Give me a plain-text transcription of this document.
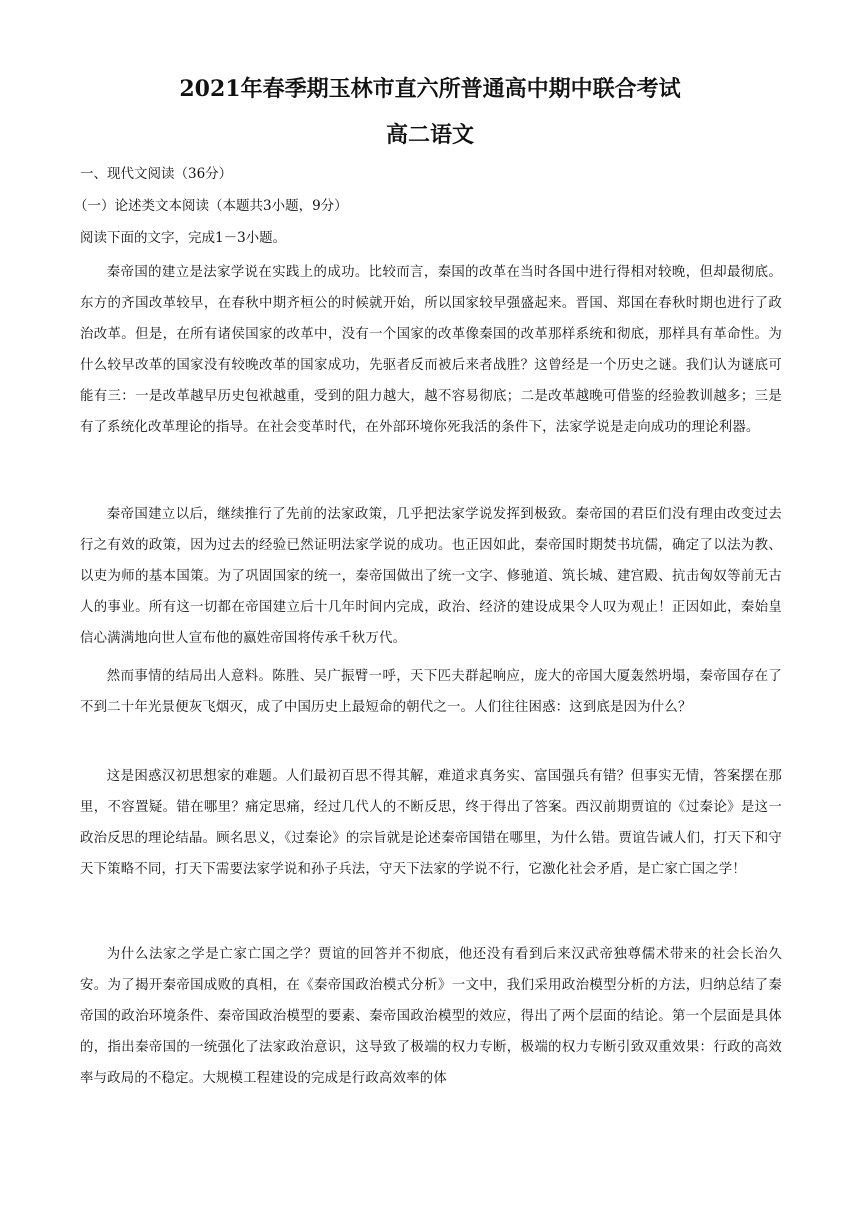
2021年春季期玉林市直六所普通高中期中联合考试
高二语文

一、现代文阅读（36分）

（一）论述类文本阅读（本题共3小题，9分）

阅读下面的文字，完成1－3小题。

秦帝国的建立是法家学说在实践上的成功。比较而言，秦国的改革在当时各国中进行得相对较晚，但却最彻底。东方的齐国改革较早，在春秋中期齐桓公的时候就开始，所以国家较早强盛起来。晋国、郑国在春秋时期也进行了政治改革。但是，在所有诸侯国家的改革中，没有一个国家的改革像秦国的改革那样系统和彻底，那样具有革命性。为什么较早改革的国家没有较晚改革的国家成功，先驱者反而被后来者战胜？这曾经是一个历史之谜。我们认为谜底可能有三：一是改革越早历史包袱越重，受到的阻力越大，越不容易彻底；二是改革越晚可借鉴的经验教训越多；三是有了系统化改革理论的指导。在社会变革时代，在外部环境你死我活的条件下，法家学说是走向成功的理论利器。

秦帝国建立以后，继续推行了先前的法家政策，几乎把法家学说发挥到极致。秦帝国的君臣们没有理由改变过去行之有效的政策，因为过去的经验已然证明法家学说的成功。也正因如此，秦帝国时期焚书坑儒，确定了以法为教、以吏为师的基本国策。为了巩固国家的统一，秦帝国做出了统一文字、修驰道、筑长城、建宫殿、抗击匈奴等前无古人的事业。所有这一切都在帝国建立后十几年时间内完成，政治、经济的建设成果令人叹为观止！正因如此，秦始皇信心满满地向世人宣布他的嬴姓帝国将传承千秋万代。

然而事情的结局出人意料。陈胜、吴广振臂一呼，天下匹夫群起响应，庞大的帝国大厦轰然坍塌，秦帝国存在了不到二十年光景便灰飞烟灭，成了中国历史上最短命的朝代之一。人们往往困惑：这到底是因为什么？

这是困惑汉初思想家的难题。人们最初百思不得其解，难道求真务实、富国强兵有错？但事实无情，答案摆在那里，不容置疑。错在哪里？痛定思痛，经过几代人的不断反思，终于得出了答案。西汉前期贾谊的《过秦论》是这一政治反思的理论结晶。顾名思义，《过秦论》的宗旨就是论述秦帝国错在哪里，为什么错。贾谊告诫人们，打天下和守天下策略不同，打天下需要法家学说和孙子兵法，守天下法家的学说不行，它激化社会矛盾，是亡家亡国之学！

为什么法家之学是亡家亡国之学？贾谊的回答并不彻底，他还没有看到后来汉武帝独尊儒术带来的社会长治久安。为了揭开秦帝国成败的真相，在《秦帝国政治模式分析》一文中，我们采用政治模型分析的方法，归纳总结了秦帝国的政治环境条件、秦帝国政治模型的要素、秦帝国政治模型的效应，得出了两个层面的结论。第一个层面是具体的，指出秦帝国的一统强化了法家政治意识，这导致了极端的权力专断，极端的权力专断引致双重效果：行政的高效率与政局的不稳定。大规模工程建设的完成是行政高效率的体
